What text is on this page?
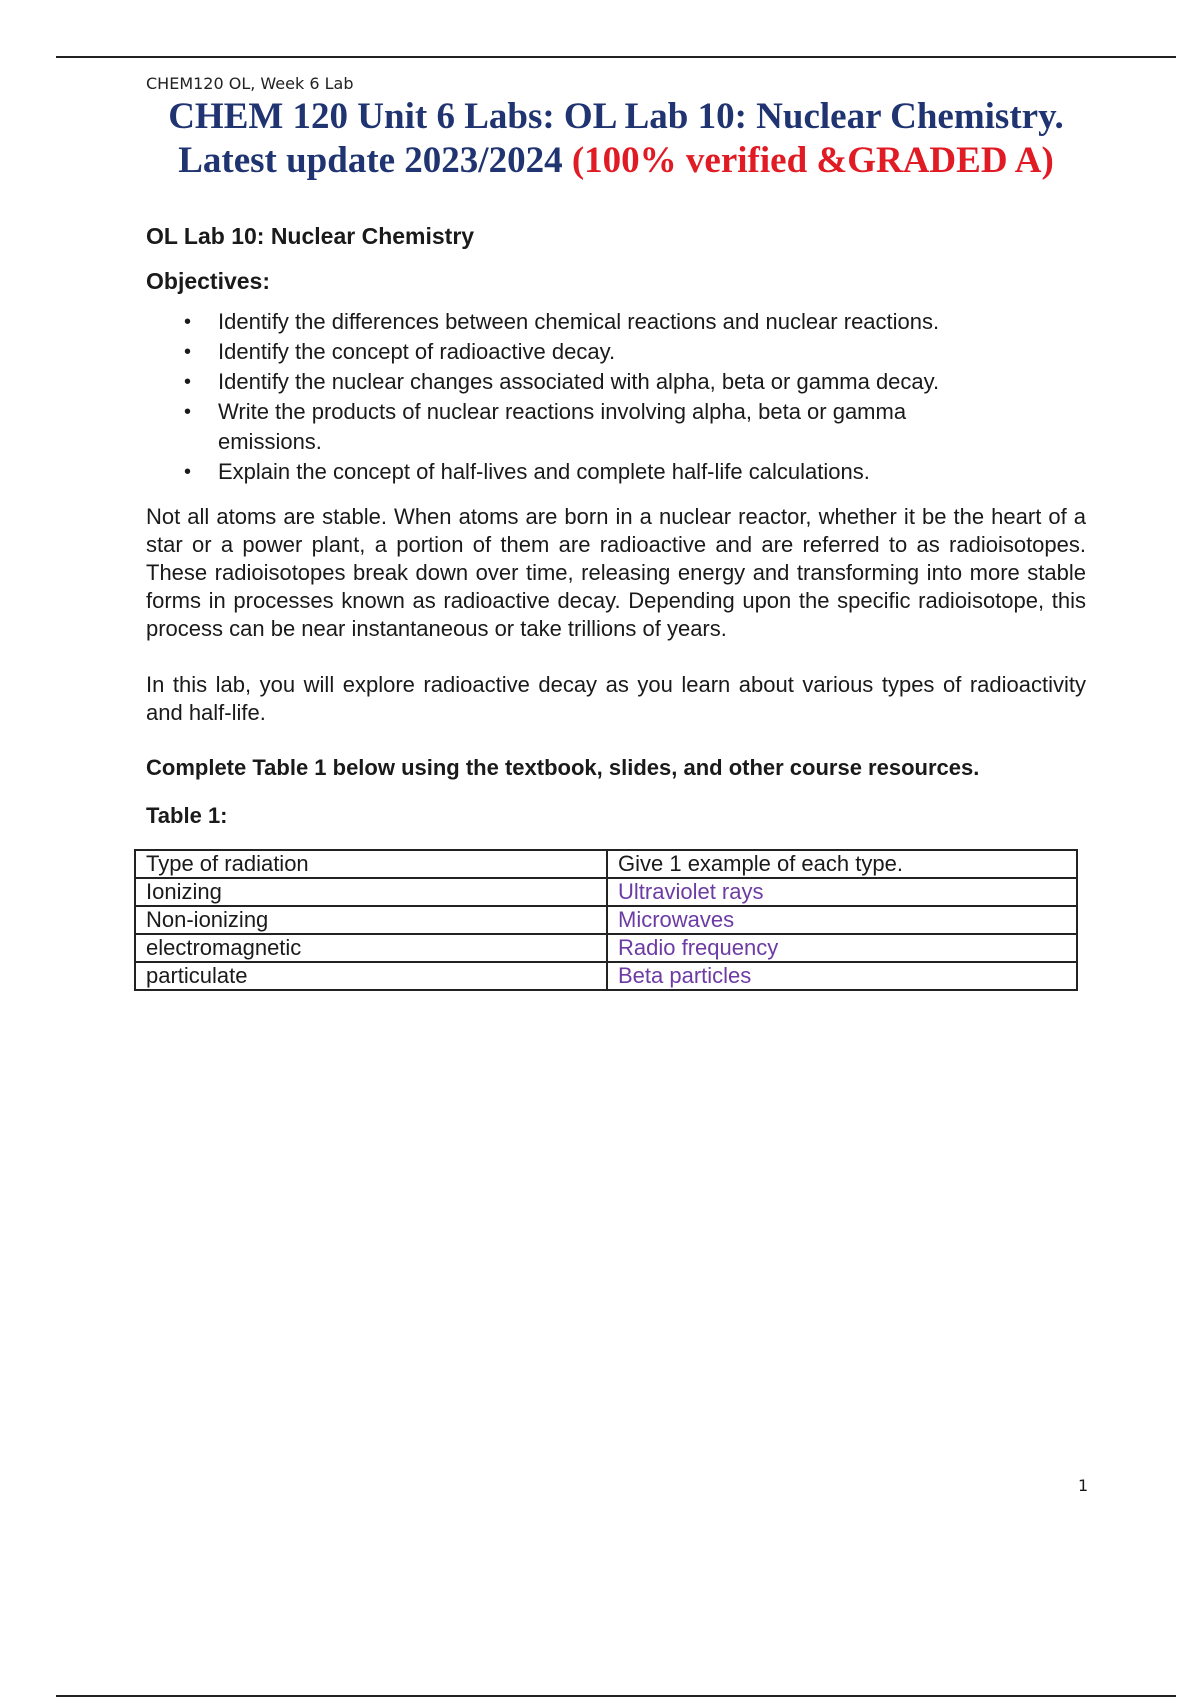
CHEM120 OL, Week 6 Lab
CHEM 120 Unit 6 Labs: OL Lab 10: Nuclear Chemistry.
Latest update 2023/2024 (100% verified &GRADED A)
OL Lab 10: Nuclear Chemistry
Objectives:
• Identify the differences between chemical reactions and nuclear reactions.
• Identify the concept of radioactive decay.
• Identify the nuclear changes associated with alpha, beta or gamma decay.
• Write the products of nuclear reactions involving alpha, beta or gamma emissions.
• Explain the concept of half-lives and complete half-life calculations.

Not all atoms are stable. When atoms are born in a nuclear reactor, whether it be the heart of a star or a power plant, a portion of them are radioactive and are referred to as radioisotopes. These radioisotopes break down over time, releasing energy and transforming into more stable forms in processes known as radioactive decay. Depending upon the specific radioisotope, this process can be near instantaneous or take trillions of years.

In this lab, you will explore radioactive decay as you learn about various types of radioactivity and half-life.

Complete Table 1 below using the textbook, slides, and other course resources.
Table 1:
Type of radiation	Give 1 example of each type.
Ionizing	Ultraviolet rays
Non-ionizing	Microwaves
electromagnetic	Radio frequency
particulate	Beta particles
1
